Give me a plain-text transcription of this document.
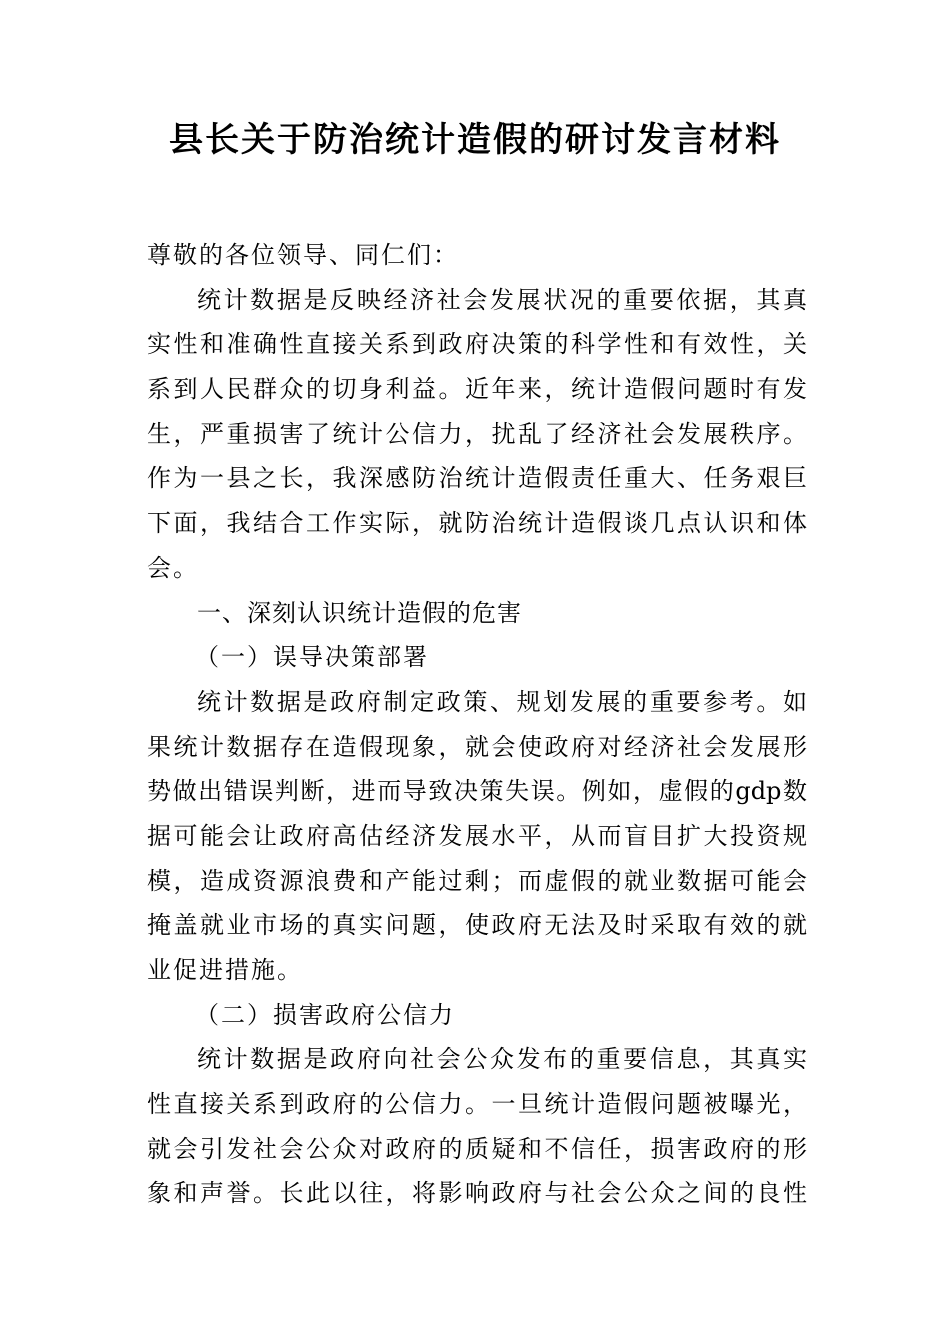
县长关于防治统计造假的研讨发言材料
尊敬的各位领导、同仁们：
统计数据是反映经济社会发展状况的重要依据，其真
实性和准确性直接关系到政府决策的科学性和有效性，关
系到人民群众的切身利益。近年来，统计造假问题时有发
生，严重损害了统计公信力，扰乱了经济社会发展秩序。
作为一县之长，我深感防治统计造假责任重大、任务艰巨
下面，我结合工作实际，就防治统计造假谈几点认识和体
会。
一、深刻认识统计造假的危害
（一）误导决策部署
统计数据是政府制定政策、规划发展的重要参考。如
果统计数据存在造假现象，就会使政府对经济社会发展形
势做出错误判断，进而导致决策失误。例如，虚假的gdp数
据可能会让政府高估经济发展水平，从而盲目扩大投资规
模，造成资源浪费和产能过剩；而虚假的就业数据可能会
掩盖就业市场的真实问题，使政府无法及时采取有效的就
业促进措施。
（二）损害政府公信力
统计数据是政府向社会公众发布的重要信息，其真实
性直接关系到政府的公信力。一旦统计造假问题被曝光，
就会引发社会公众对政府的质疑和不信任，损害政府的形
象和声誉。长此以往，将影响政府与社会公众之间的良性
